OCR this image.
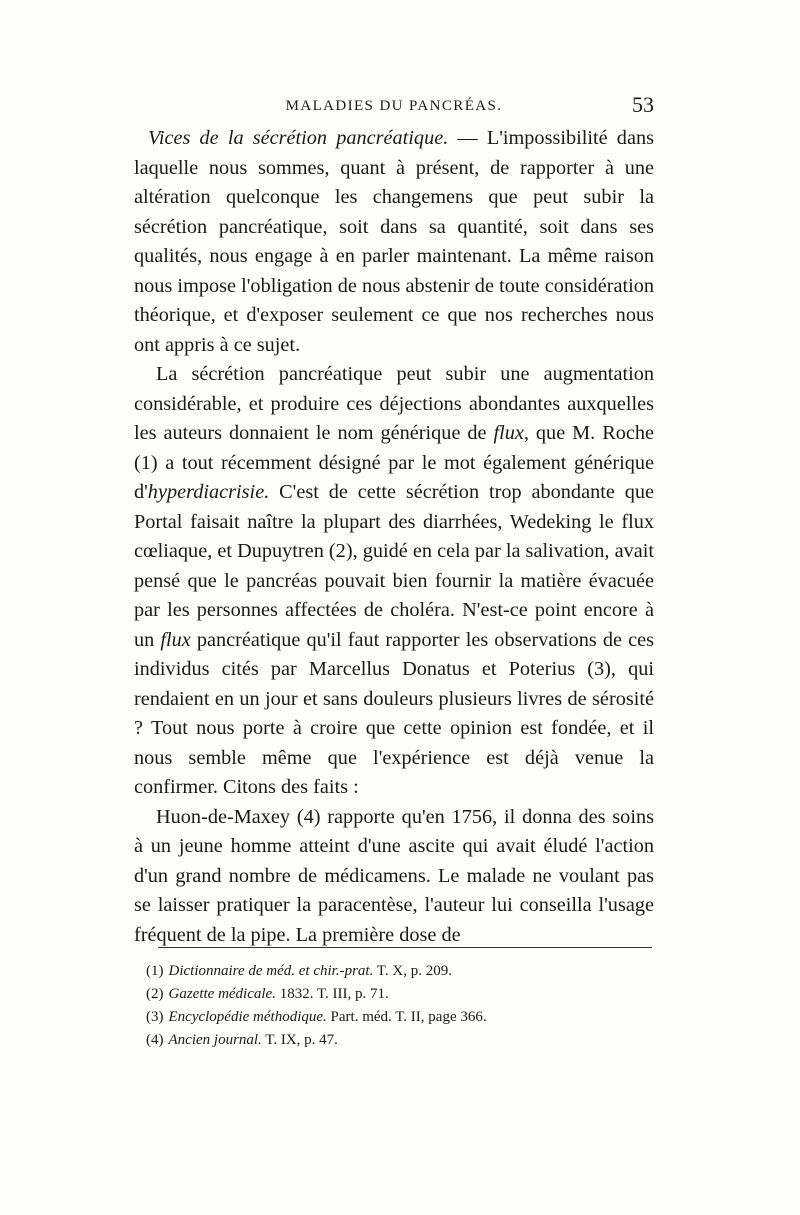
MALADIES DU PANCRÉAS.	53

Vices de la sécrétion pancréatique. — L'impossibilité dans laquelle nous sommes, quant à présent, de rapporter à une altération quelconque les changemens que peut subir la sécrétion pancréatique, soit dans sa quantité, soit dans ses qualités, nous engage à en parler maintenant. La même raison nous impose l'obligation de nous abstenir de toute considération théorique, et d'exposer seulement ce que nos recherches nous ont appris à ce sujet.

La sécrétion pancréatique peut subir une augmentation considérable, et produire ces déjections abondantes auxquelles les auteurs donnaient le nom générique de flux, que M. Roche (1) a tout récemment désigné par le mot également générique d'hyperdiacrisie. C'est de cette sécrétion trop abondante que Portal faisait naître la plupart des diarrhées, Wedeking le flux cœliaque, et Dupuytren (2), guidé en cela par la salivation, avait pensé que le pancréas pouvait bien fournir la matière évacuée par les personnes affectées de choléra. N'est-ce point encore à un flux pancréatique qu'il faut rapporter les observations de ces individus cités par Marcellus Donatus et Poterius (3), qui rendaient en un jour et sans douleurs plusieurs livres de sérosité ? Tout nous porte à croire que cette opinion est fondée, et il nous semble même que l'expérience est déjà venue la confirmer. Citons des faits :

Huon-de-Maxey (4) rapporte qu'en 1756, il donna des soins à un jeune homme atteint d'une ascite qui avait éludé l'action d'un grand nombre de médicamens. Le malade ne voulant pas se laisser pratiquer la paracentèse, l'auteur lui conseilla l'usage fréquent de la pipe. La première dose de

(1) Dictionnaire de méd. et chir.-prat. T. X, p. 209.
(2) Gazette médicale. 1832. T. III, p. 71.
(3) Encyclopédie méthodique. Part. méd. T. II, page 366.
(4) Ancien journal. T. IX, p. 47.
